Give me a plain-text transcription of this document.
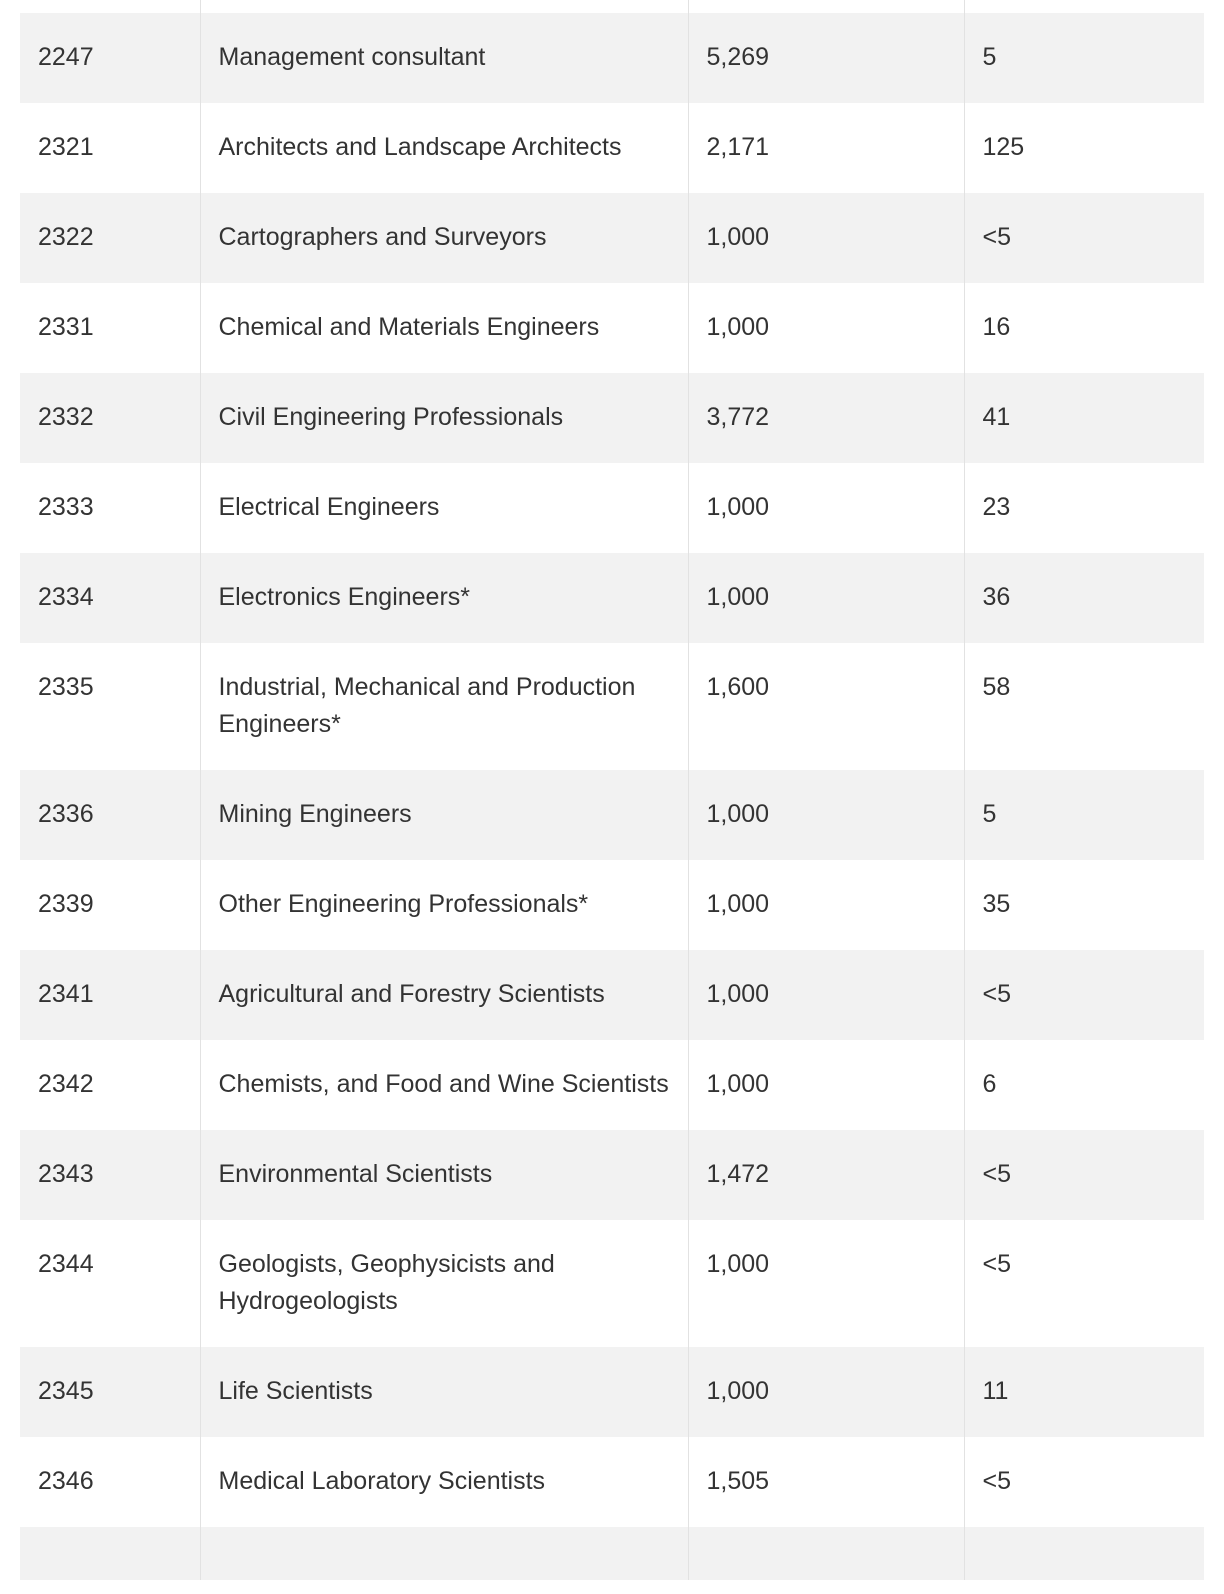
2247	Management consultant	5,269	5
2321	Architects and Landscape Architects	2,171	125
2322	Cartographers and Surveyors	1,000	<5
2331	Chemical and Materials Engineers	1,000	16
2332	Civil Engineering Professionals	3,772	41
2333	Electrical Engineers	1,000	23
2334	Electronics Engineers*	1,000	36
2335	Industrial, Mechanical and Production Engineers*	1,600	58
2336	Mining Engineers	1,000	5
2339	Other Engineering Professionals*	1,000	35
2341	Agricultural and Forestry Scientists	1,000	<5
2342	Chemists, and Food and Wine Scientists	1,000	6
2343	Environmental Scientists	1,472	<5
2344	Geologists, Geophysicists and Hydrogeologists	1,000	<5
2345	Life Scientists	1,000	11
2346	Medical Laboratory Scientists	1,505	<5
